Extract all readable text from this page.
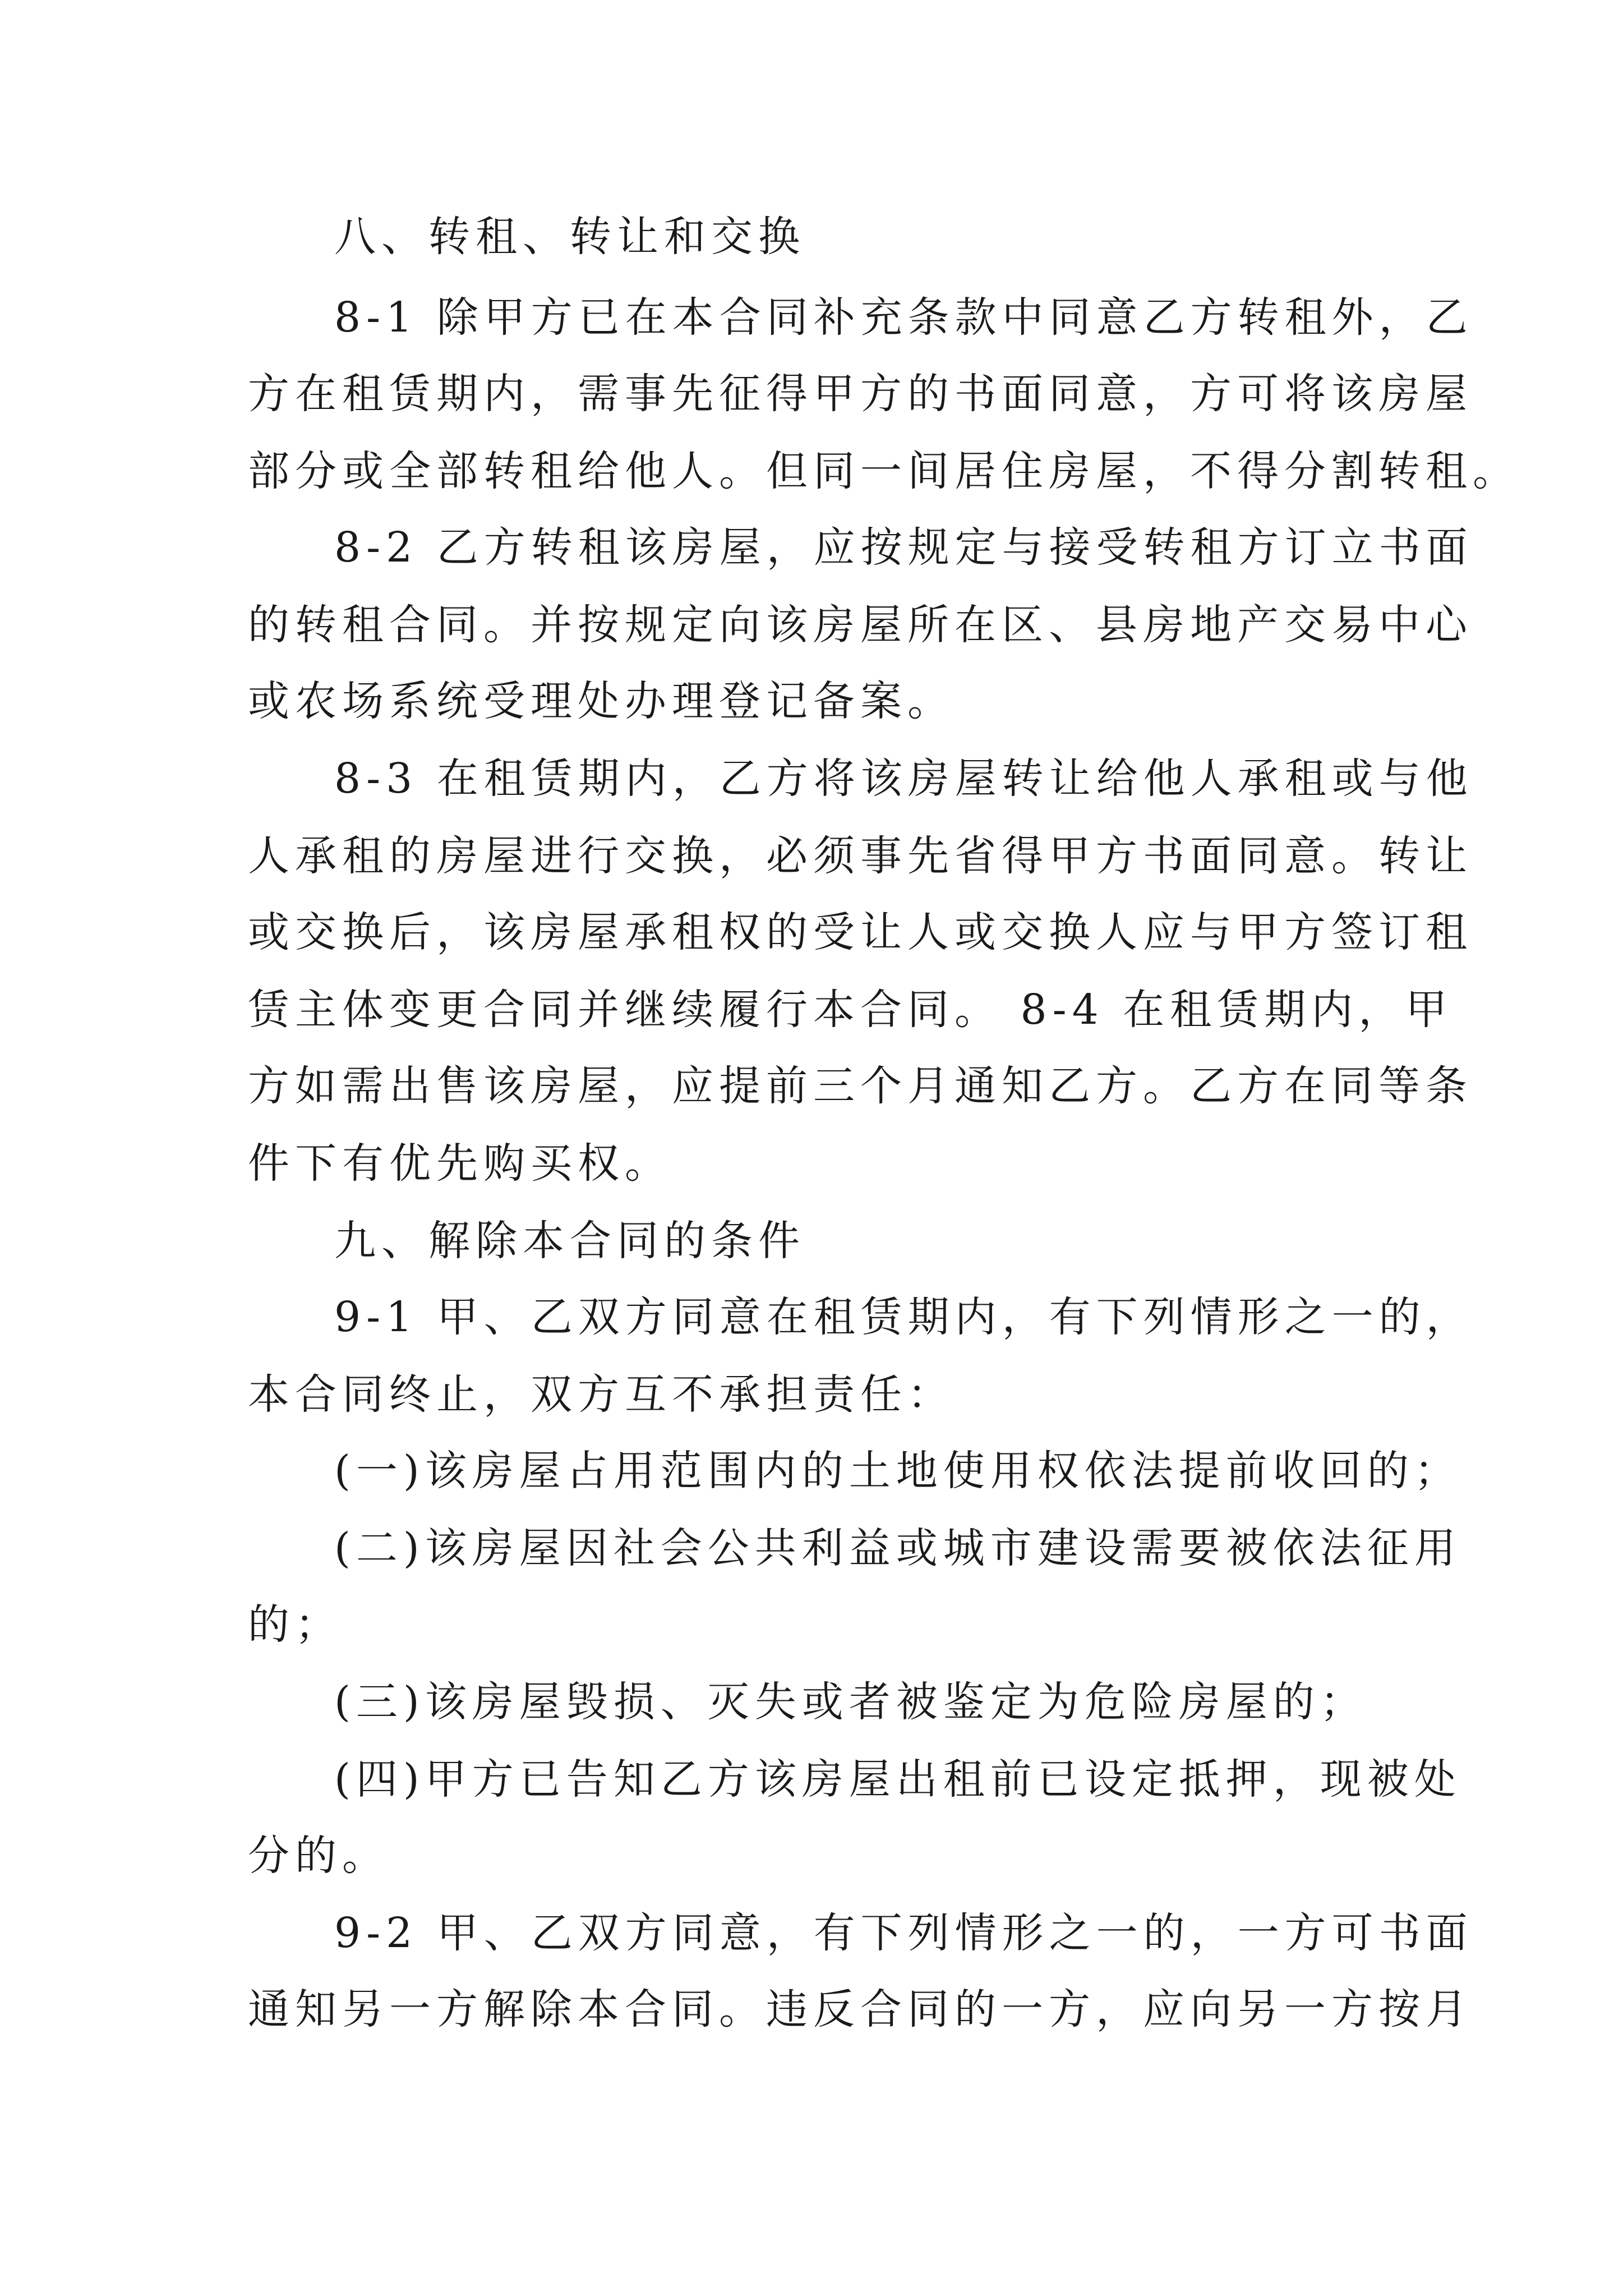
八、转租、转让和交换

8-1 除甲方已在本合同补充条款中同意乙方转租外，乙

方在租赁期内，需事先征得甲方的书面同意，方可将该房屋

部分或全部转租给他人。但同一间居住房屋，不得分割转租。

8-2 乙方转租该房屋，应按规定与接受转租方订立书面

的转租合同。并按规定向该房屋所在区、县房地产交易中心

或农场系统受理处办理登记备案。

8-3 在租赁期内，乙方将该房屋转让给他人承租或与他

人承租的房屋进行交换，必须事先省得甲方书面同意。转让

或交换后，该房屋承租权的受让人或交换人应与甲方签订租

赁主体变更合同并继续履行本合同。 8-4 在租赁期内，甲

方如需出售该房屋，应提前三个月通知乙方。乙方在同等条

件下有优先购买权。

九、解除本合同的条件

9-1 甲、乙双方同意在租赁期内，有下列情形之一的，

本合同终止，双方互不承担责任：

(一)该房屋占用范围内的土地使用权依法提前收回的；

(二)该房屋因社会公共利益或城市建设需要被依法征用

的；

(三)该房屋毁损、灭失或者被鉴定为危险房屋的；

(四)甲方已告知乙方该房屋出租前已设定抵押，现被处

分的。

9-2 甲、乙双方同意，有下列情形之一的，一方可书面

通知另一方解除本合同。违反合同的一方，应向另一方按月
